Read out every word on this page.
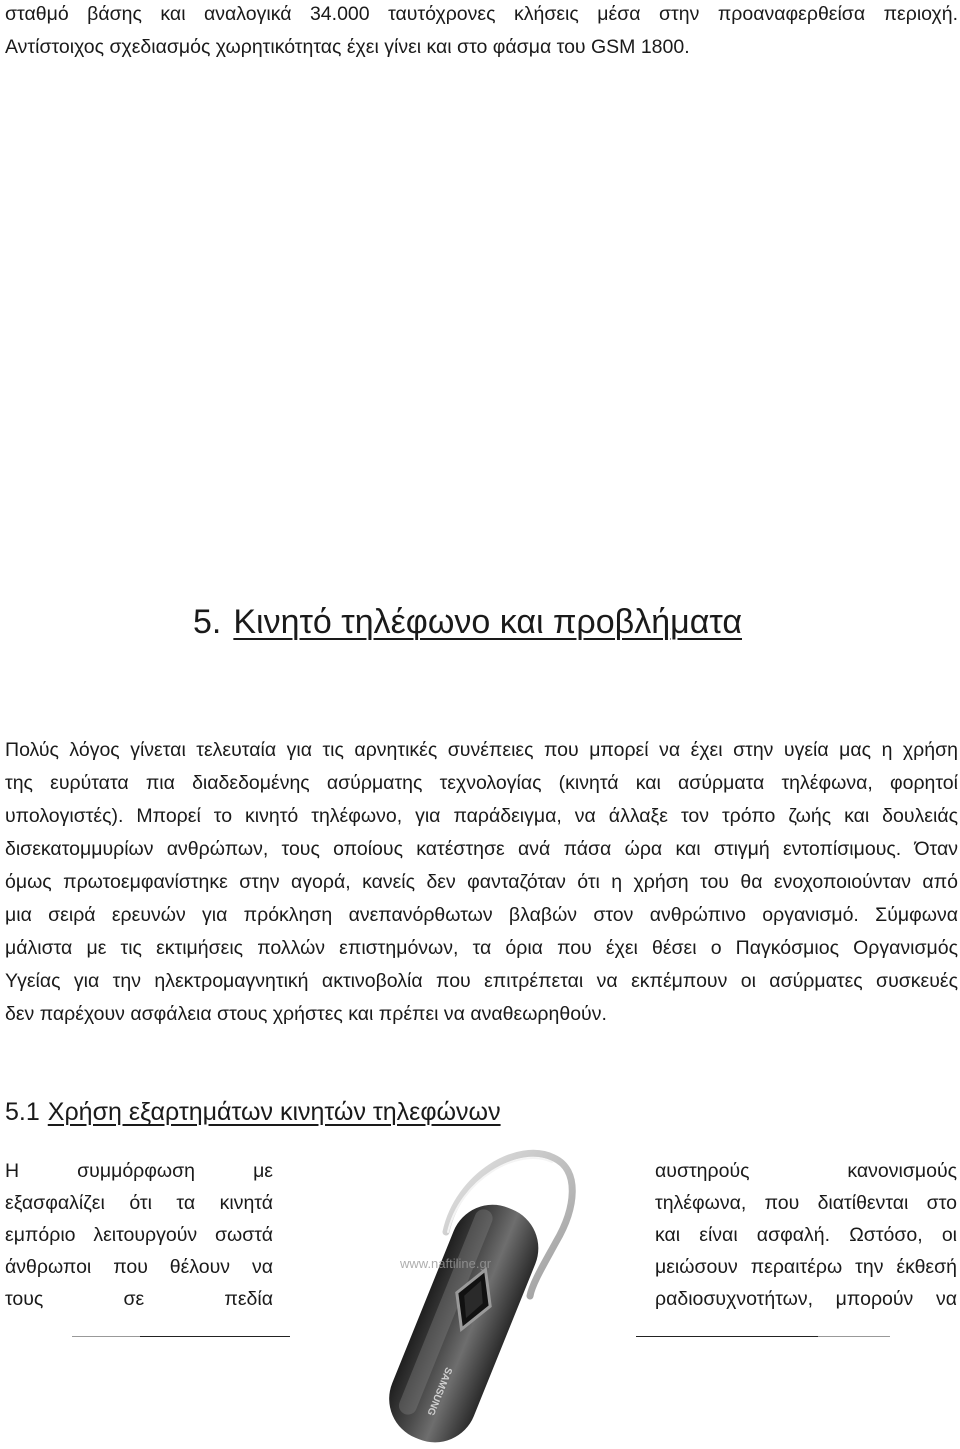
σταθμό βάσης και αναλογικά 34.000 ταυτόχρονες κλήσεις μέσα στην προαναφερθείσα περιοχή.
Αντίστοιχος σχεδιασμός χωρητικότητας έχει γίνει και στο φάσμα του GSM 1800.
5. Κινητό τηλέφωνο και προβλήματα
Πολύς λόγος γίνεται τελευταία για τις αρνητικές συνέπειες που μπορεί να έχει στην υγεία μας η χρήση
της ευρύτατα πια διαδεδομένης ασύρματης τεχνολογίας (κινητά και ασύρματα τηλέφωνα, φορητοί
υπολογιστές). Μπορεί το κινητό τηλέφωνο, για παράδειγμα, να άλλαξε τον τρόπο ζωής και δουλειάς
δισεκατομμυρίων ανθρώπων, τους οποίους κατέστησε ανά πάσα ώρα και στιγμή εντοπίσιμους. Όταν
όμως πρωτοεμφανίστηκε στην αγορά, κανείς δεν φανταζόταν ότι η χρήση του θα ενοχοποιούνταν από
μια σειρά ερευνών για πρόκληση ανεπανόρθωτων βλαβών στον ανθρώπινο οργανισμό. Σύμφωνα
μάλιστα με τις εκτιμήσεις πολλών επιστημόνων, τα όρια που έχει θέσει ο Παγκόσμιος Οργανισμός
Υγείας για την ηλεκτρομαγνητική ακτινοβολία που επιτρέπεται να εκπέμπουν οι ασύρματες συσκευές
δεν παρέχουν ασφάλεια στους χρήστες και πρέπει να αναθεωρηθούν.
5.1 Χρήση εξαρτημάτων κινητών τηλεφώνων
Η συμμόρφωση με
εξασφαλίζει ότι τα κινητά
εμπόριο λειτουργούν σωστά
άνθρωποι που θέλουν να
τους σε πεδία
αυστηρούς κανονισμούς
τηλέφωνα, που διατίθενται στο
και είναι ασφαλή. Ωστόσο, οι
μειώσουν περαιτέρω την έκθεσή
ραδιοσυχνοτήτων, μπορούν να
SAMSUNG
www.naftiline.gr
